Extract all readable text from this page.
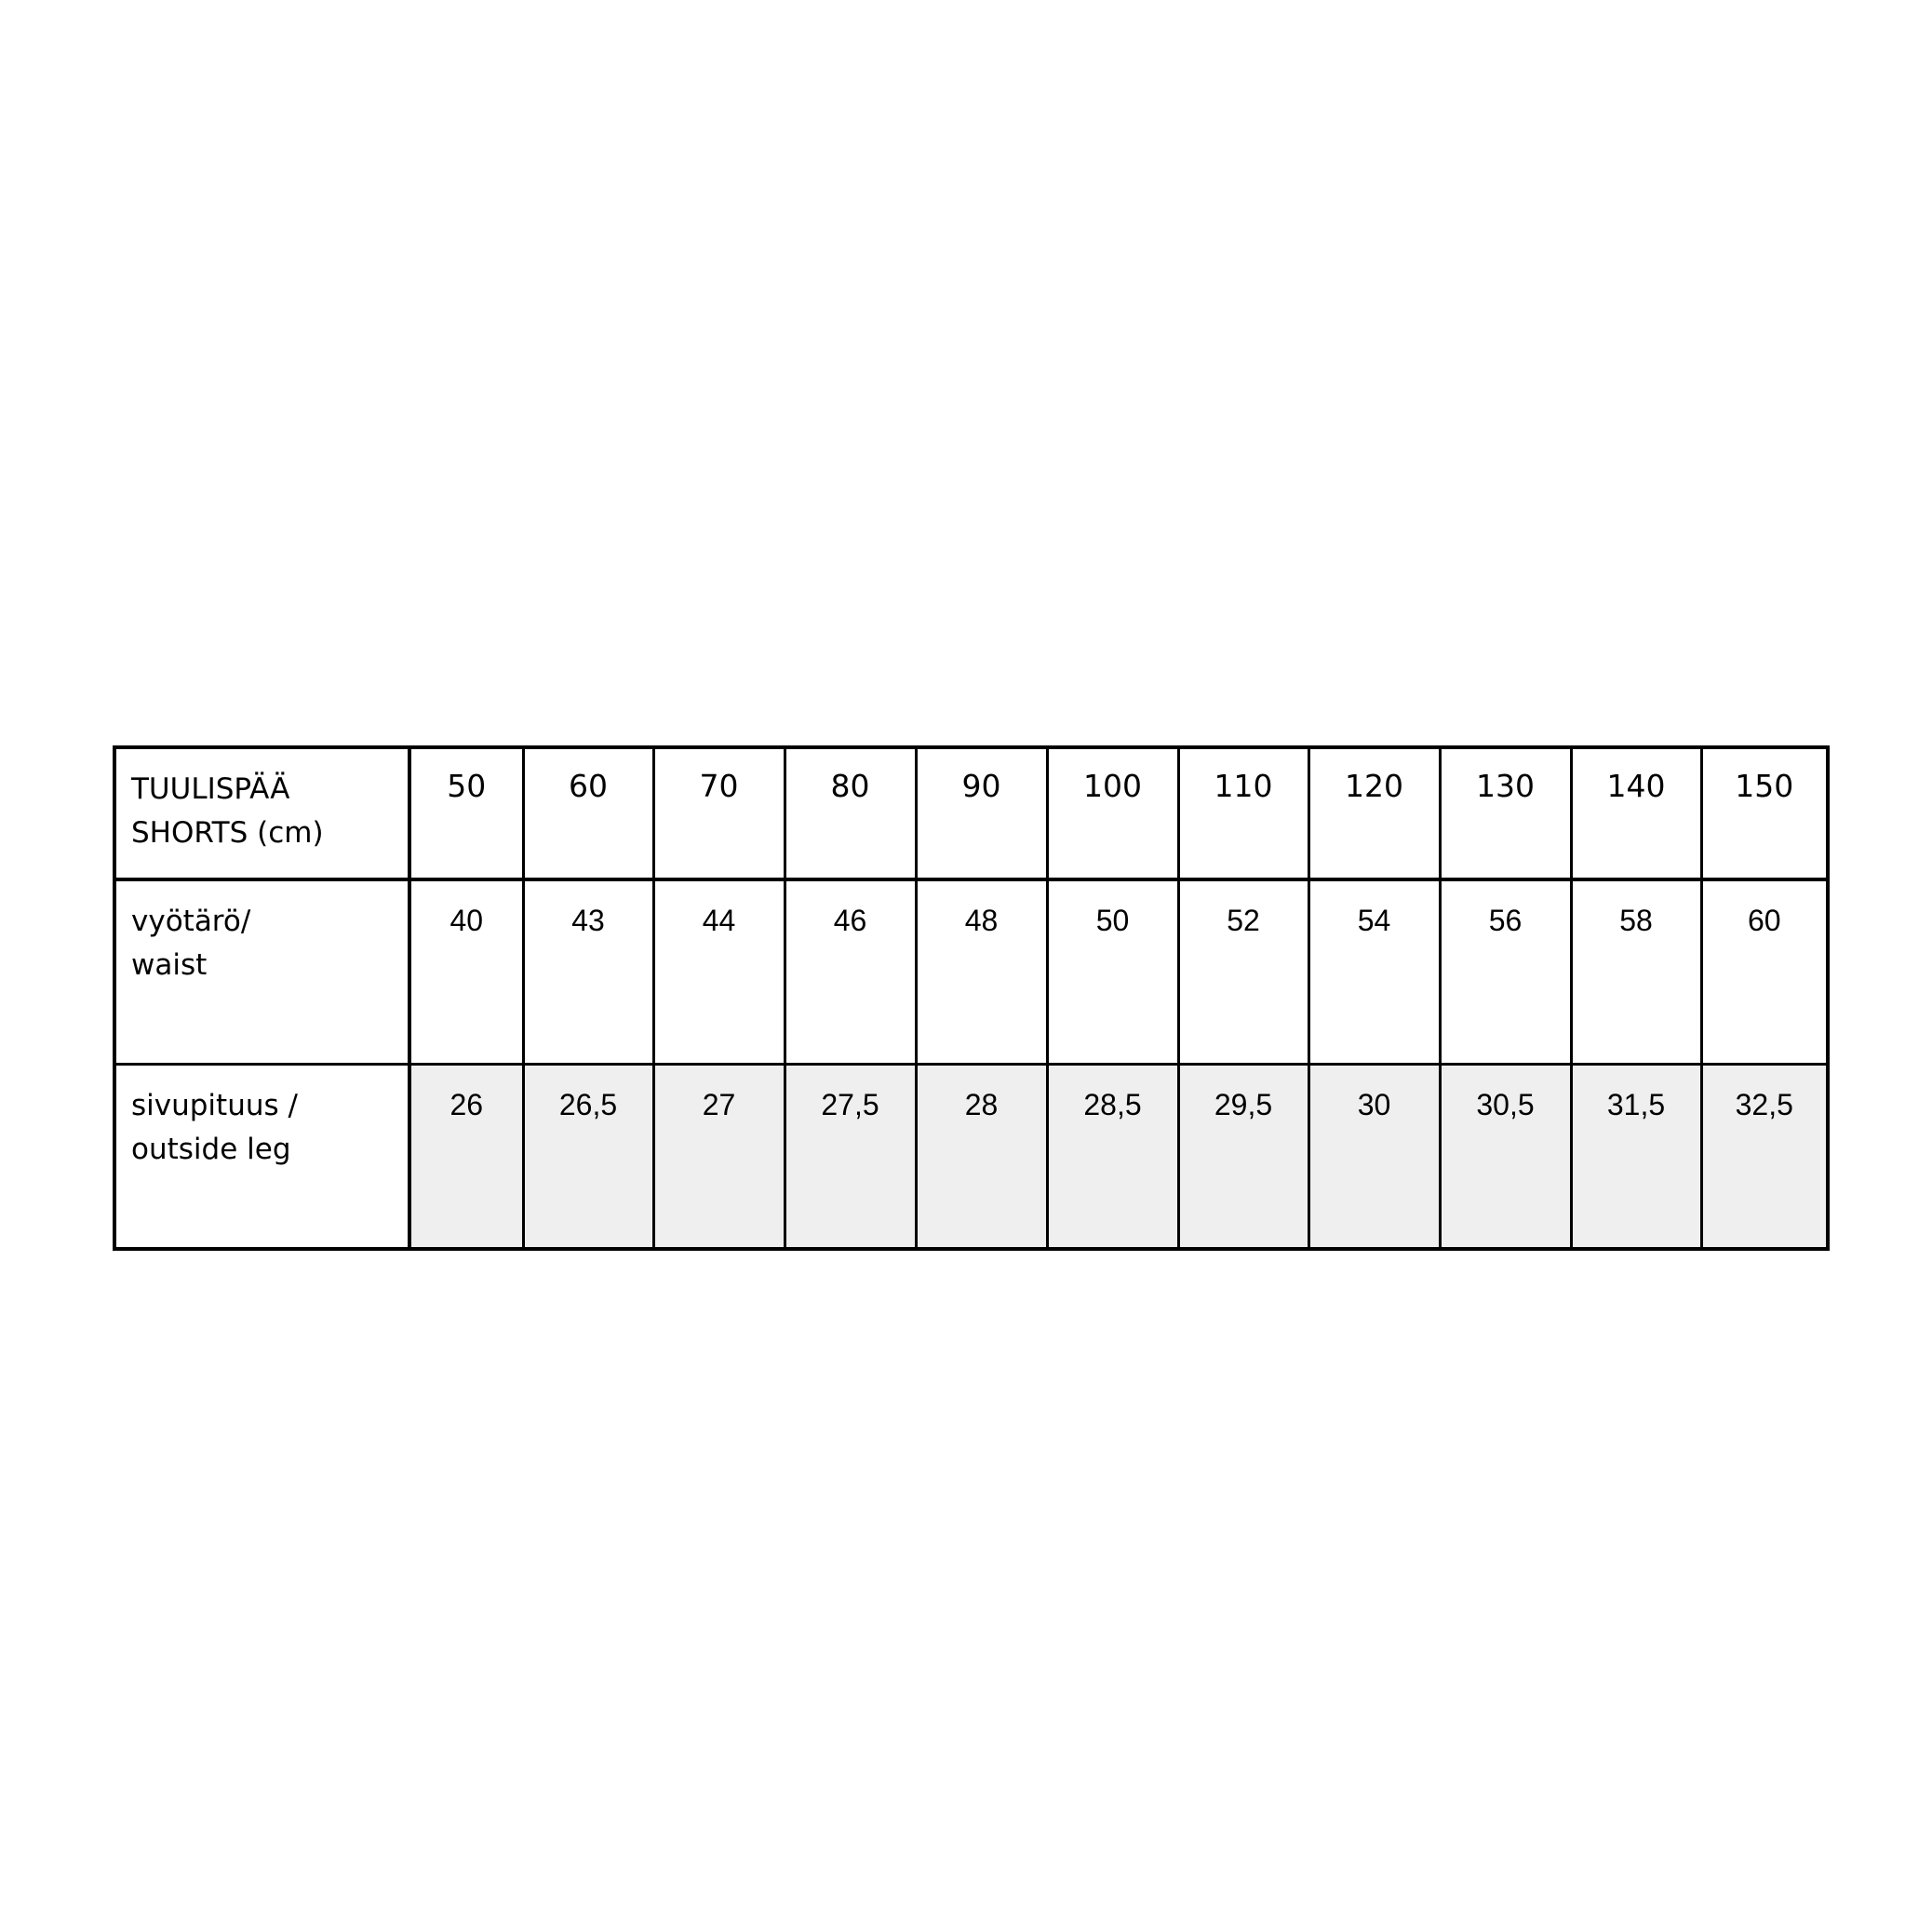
TUULISPÄÄ
SHORTS (cm)	50	60	70	80	90	100	110	120	130	140	150

vyötärö/
waist	40	43	44	46	48	50	52	54	56	58	60

sivupituus /
outside leg	26	26,5	27	27,5	28	28,5	29,5	30	30,5	31,5	32,5
